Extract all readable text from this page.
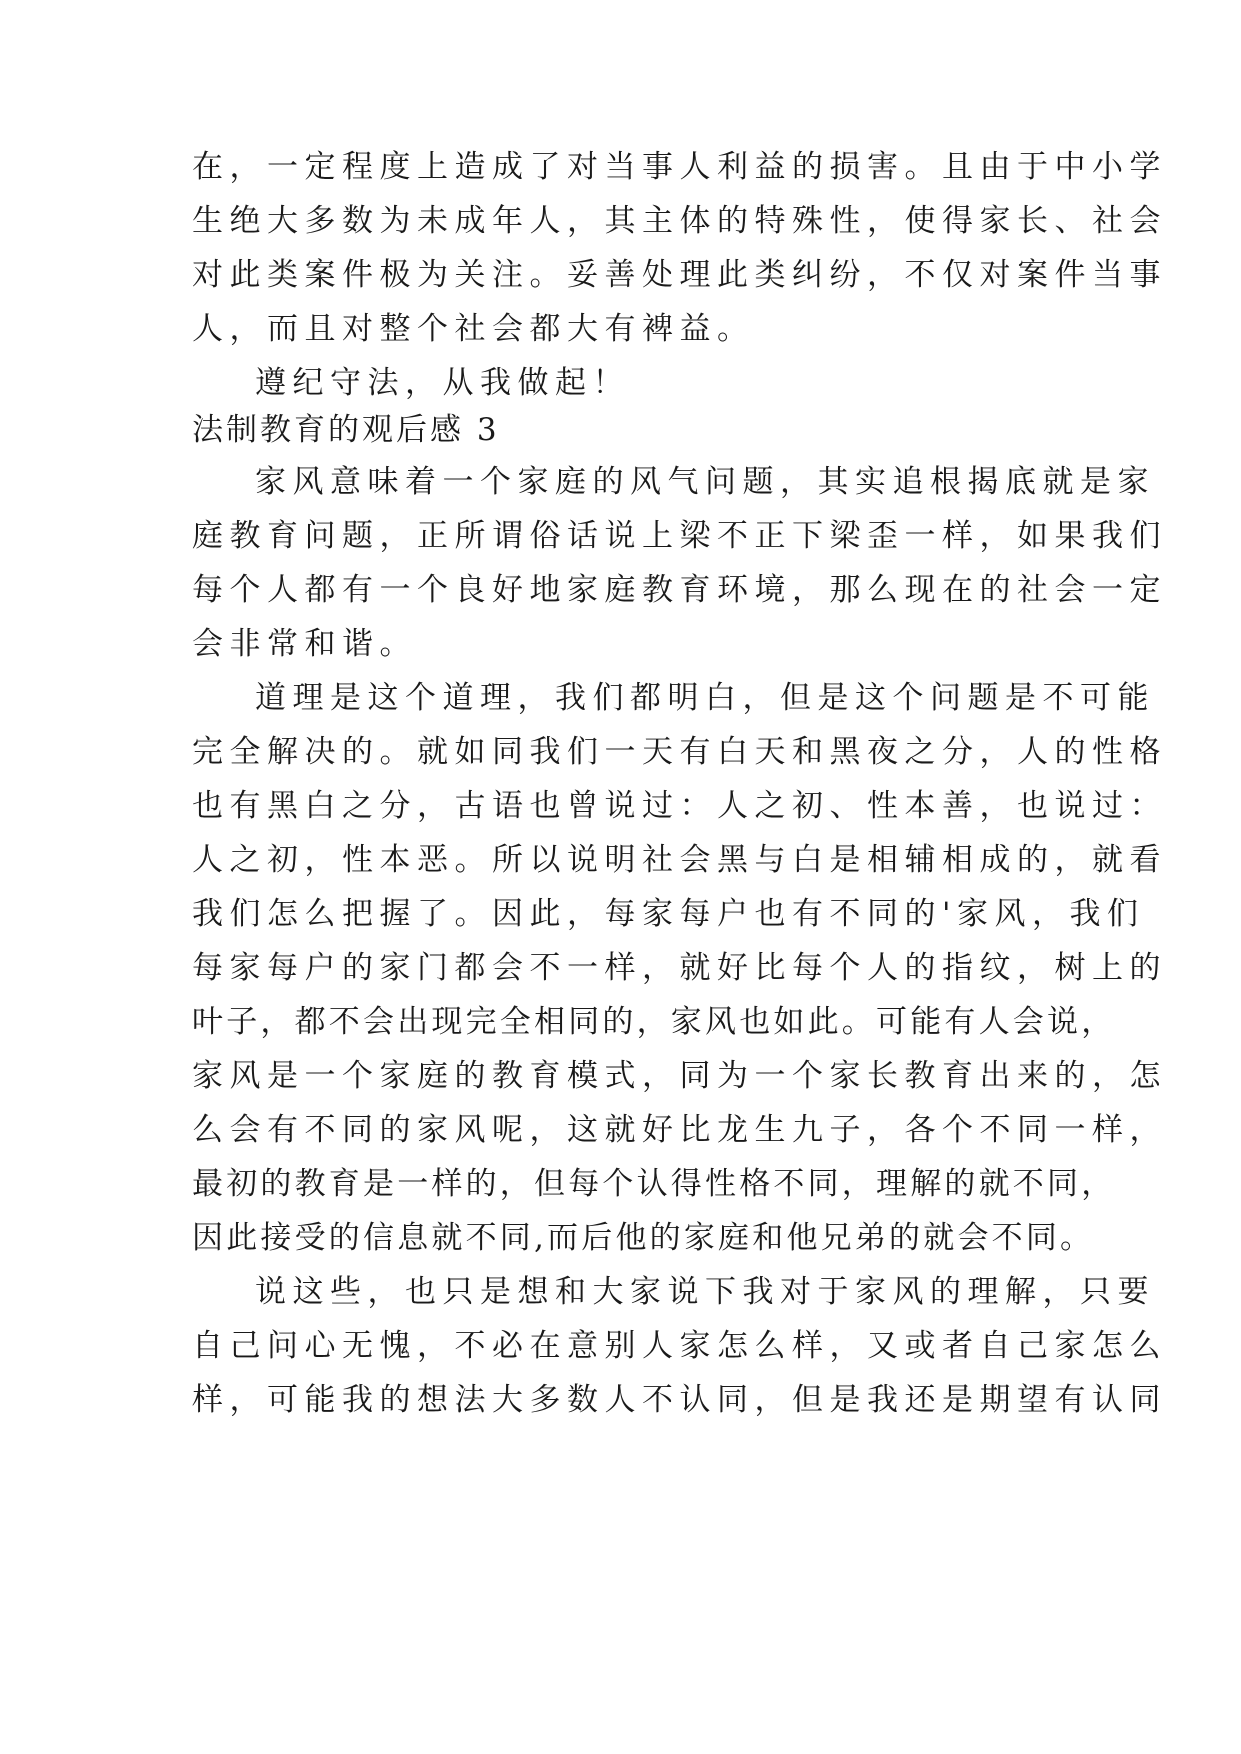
在，一定程度上造成了对当事人利益的损害。且由于中小学

生绝大多数为未成年人，其主体的特殊性，使得家长、社会

对此类案件极为关注。妥善处理此类纠纷，不仅对案件当事

人，而且对整个社会都大有裨益。

遵纪守法，从我做起！

法制教育的观后感 3

家风意味着一个家庭的风气问题，其实追根揭底就是家

庭教育问题，正所谓俗话说上梁不正下梁歪一样，如果我们

每个人都有一个良好地家庭教育环境，那么现在的社会一定

会非常和谐。

道理是这个道理，我们都明白，但是这个问题是不可能

完全解决的。就如同我们一天有白天和黑夜之分，人的性格

也有黑白之分，古语也曾说过：人之初、性本善，也说过：

人之初，性本恶。所以说明社会黑与白是相辅相成的，就看

我们怎么把握了。因此，每家每户也有不同的'家风，我们

每家每户的家门都会不一样，就好比每个人的指纹，树上的

叶子，都不会出现完全相同的，家风也如此。可能有人会说，

家风是一个家庭的教育模式，同为一个家长教育出来的，怎

么会有不同的家风呢，这就好比龙生九子，各个不同一样，

最初的教育是一样的，但每个认得性格不同，理解的就不同，

因此接受的信息就不同,而后他的家庭和他兄弟的就会不同。

说这些，也只是想和大家说下我对于家风的理解，只要

自己问心无愧，不必在意别人家怎么样，又或者自己家怎么

样，可能我的想法大多数人不认同，但是我还是期望有认同
